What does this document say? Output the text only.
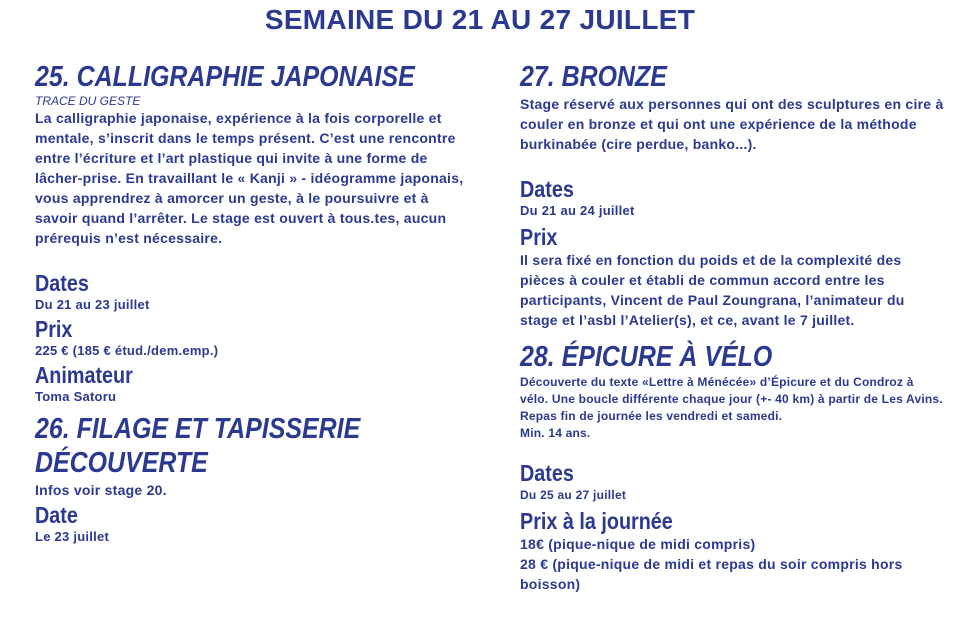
SEMAINE DU 21 AU 27 JUILLET
25. CALLIGRAPHIE JAPONAISE
TRACE DU GESTE
La calligraphie japonaise, expérience à la fois corporelle et mentale, s’inscrit dans le temps présent. C’est une rencontre entre l’écriture et l’art plastique qui invite à une forme de lâcher-prise. En travaillant le « Kanji » - idéogramme japonais, vous apprendrez à amorcer un geste, à le poursuivre et à savoir quand l’arrêter. Le stage est ouvert à tous.tes, aucun prérequis n’est nécessaire.
Dates
Du 21 au 23 juillet
Prix
225 € (185 € étud./dem.emp.)
Animateur
Toma Satoru
26. FILAGE ET TAPISSERIE DÉCOUVERTE
Infos voir stage 20.
Date
Le 23 juillet
27. BRONZE
Stage réservé aux personnes qui ont des sculptures en cire à couler en bronze et qui ont une expérience de la méthode burkinabée (cire perdue, banko...).
Dates
Du 21 au 24 juillet
Prix
Il sera fixé en fonction du poids et de la complexité des pièces à couler et établi de commun accord entre les participants, Vincent de Paul Zoungrana, l’animateur du stage et l’asbl l’Atelier(s), et ce, avant le 7 juillet.
28. ÉPICURE À VÉLO
Découverte du texte «Lettre à Ménécée» d’Épicure et du Condroz à vélo. Une boucle différente chaque jour (+- 40 km) à partir de Les Avins. Repas fin de journée les vendredi et samedi.
Min. 14 ans.
Dates
Du 25 au 27 juillet
Prix à la journée
18€ (pique-nique de midi compris)
28 € (pique-nique de midi et repas du soir compris hors boisson)
